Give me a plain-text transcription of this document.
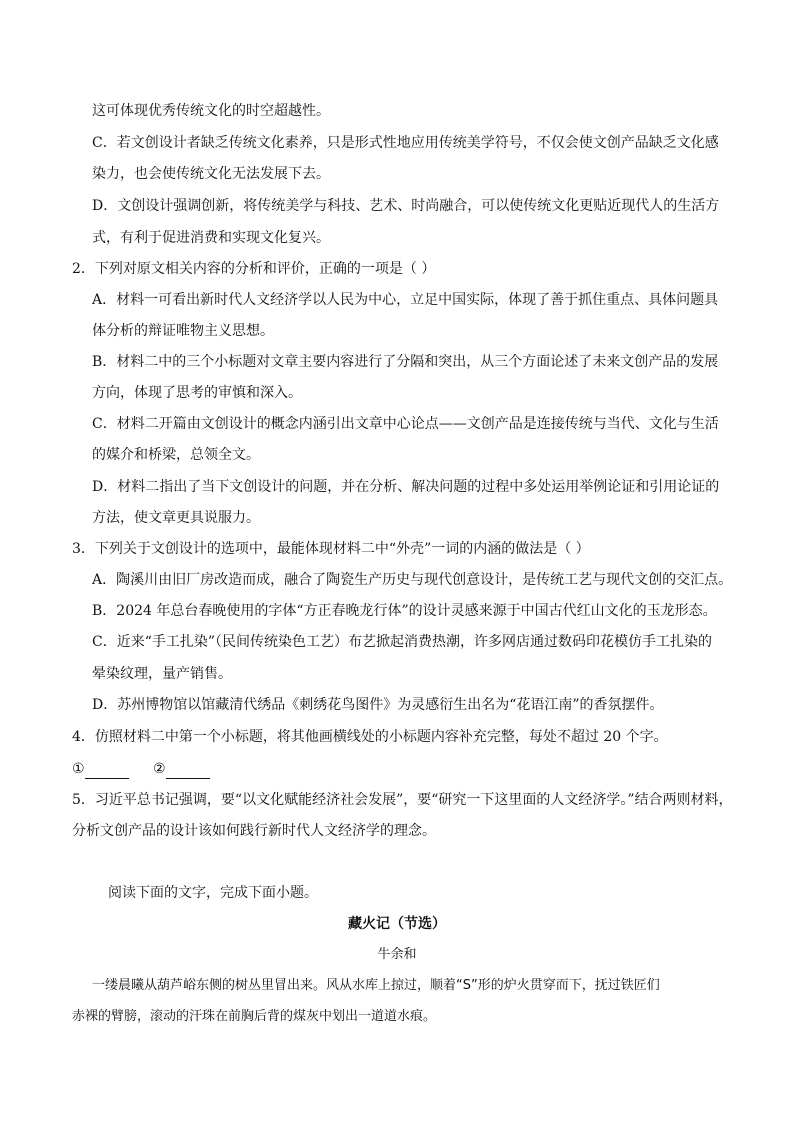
这可体现优秀传统文化的时空超越性。
C．若文创设计者缺乏传统文化素养，只是形式性地应用传统美学符号，不仅会使文创产品缺乏文化感
染力，也会使传统文化无法发展下去。
D．文创设计强调创新，将传统美学与科技、艺术、时尚融合，可以使传统文化更贴近现代人的生活方
式，有利于促进消费和实现文化复兴。
2．下列对原文相关内容的分析和评价，正确的一项是（ ）
A．材料一可看出新时代人文经济学以人民为中心，立足中国实际，体现了善于抓住重点、具体问题具
体分析的辩证唯物主义思想。
B．材料二中的三个小标题对文章主要内容进行了分隔和突出，从三个方面论述了未来文创产品的发展
方向，体现了思考的审慎和深入。
C．材料二开篇由文创设计的概念内涵引出文章中心论点——文创产品是连接传统与当代、文化与生活
的媒介和桥梁，总领全文。
D．材料二指出了当下文创设计的问题，并在分析、解决问题的过程中多处运用举例论证和引用论证的
方法，使文章更具说服力。
3．下列关于文创设计的选项中，最能体现材料二中“外壳”一词的内涵的做法是（ ）
A．陶溪川由旧厂房改造而成，融合了陶瓷生产历史与现代创意设计，是传统工艺与现代文创的交汇点。
B．2024 年总台春晚使用的字体“方正春晚龙行体”的设计灵感来源于中国古代红山文化的玉龙形态。
C．近来“手工扎染”（民间传统染色工艺）布艺掀起消费热潮，许多网店通过数码印花模仿手工扎染的
晕染纹理，量产销售。
D．苏州博物馆以馆藏清代绣品《刺绣花鸟图件》为灵感衍生出名为“花语江南”的香氛摆件。
4．仿照材料二中第一个小标题，将其他画横线处的小标题内容补充完整，每处不超过 20 个字。
①	②
5．习近平总书记强调，要“以文化赋能经济社会发展”，要“研究一下这里面的人文经济学。”结合两则材料，
分析文创产品的设计该如何践行新时代人文经济学的理念。
阅读下面的文字，完成下面小题。
藏火记（节选）
牛余和
一缕晨曦从葫芦峪东侧的树丛里冒出来。风从水库上掠过，顺着“S”形的炉火贯穿而下，抚过铁匠们
赤裸的臂膀，滚动的汗珠在前胸后背的煤灰中划出一道道水痕。
